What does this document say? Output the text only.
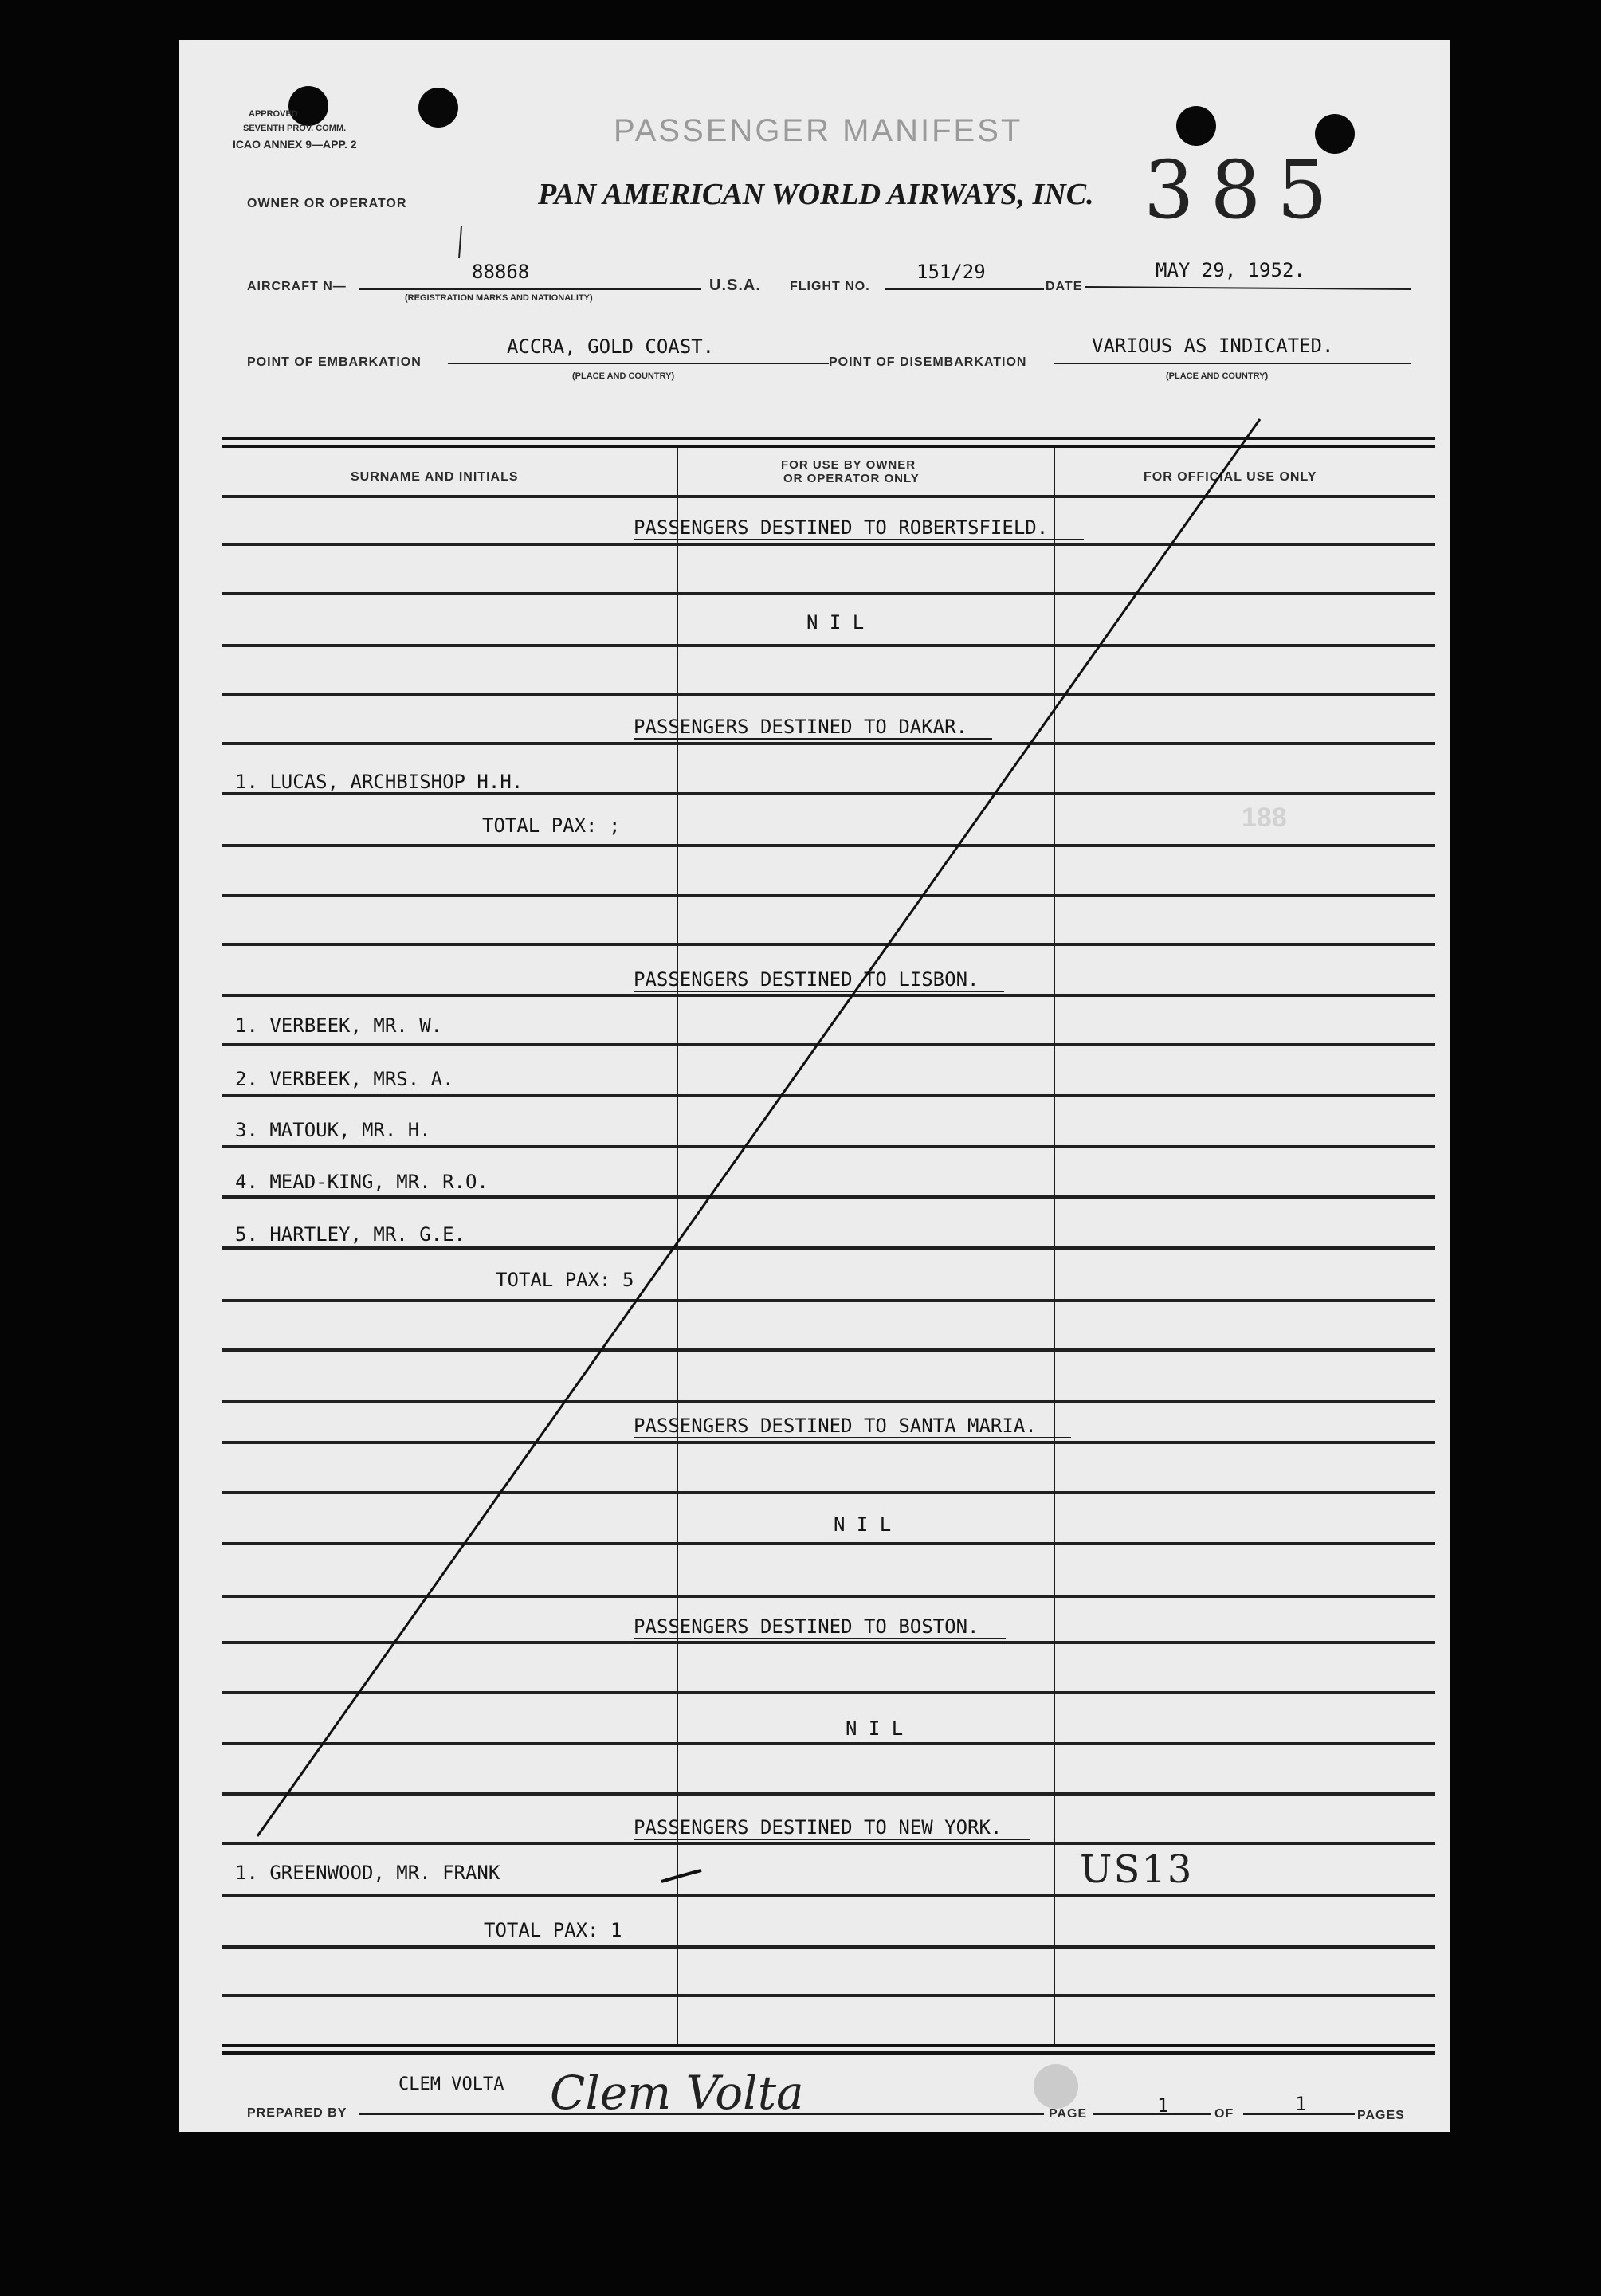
APPROVED
SEVENTH PROV. COMM.
ICAO ANNEX 9—APP. 2	PASSENGER MANIFEST
OWNER OR OPERATOR	PAN AMERICAN WORLD AIRWAYS, INC. 385
AIRCRAFT N—
88868
(REGISTRATION MARKS AND NATIONALITY)
U.S.A. FLIGHT NO.
151/29
DATE
MAY 29, 1952.
POINT OF EMBARKATION
ACCRA, GOLD COAST.
(PLACE AND COUNTRY)
POINT OF DISEMBARKATION
VARIOUS AS INDICATED.
(PLACE AND COUNTRY)
SURNAME AND INITIALS
FOR USE BY OWNER
OR OPERATOR ONLY	FOR OFFICIAL USE ONLY
PASSENGERS DESTINED TO ROBERTSFIELD.
N I L
PASSENGERS DESTINED TO DAKAR.
1. LUCAS, ARCHBISHOP H.H.
TOTAL PAX: ;	188
PASSENGERS DESTINED TO LISBON.
1. VERBEEK, MR. W.
2. VERBEEK, MRS. A.
3. MATOUK, MR. H.
4. MEAD-KING, MR. R.O.
5. HARTLEY, MR. G.E.
TOTAL PAX: 5
PASSENGERS DESTINED TO SANTA MARIA.
N I L
PASSENGERS DESTINED TO BOSTON.
N I L
PASSENGERS DESTINED TO NEW YORK.
1. GREENWOOD, MR. FRANK	US13
TOTAL PAX: 1
PREPARED BY
CLEM VOLTA Clem Volta	PAGE	1	OF	1
PAGES
